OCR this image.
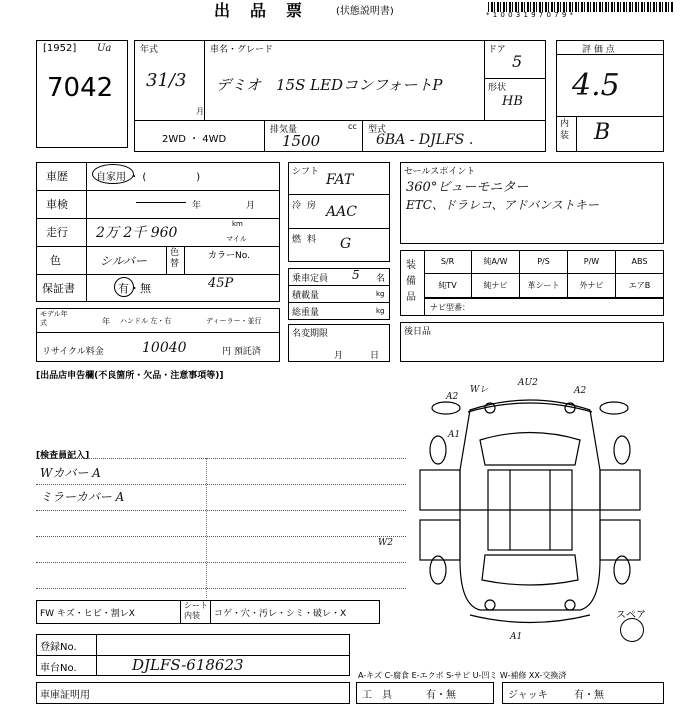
出　品　票	(状態説明書)	* 1 0 0 3 1 9 7 0 7 9 *
[1952] Ua
7042
年式
31/3
月
車名・グレード
デミオ　15S LEDコンフォートP
ドア
5
形状
HB
2WD ・ 4WD
排気量	cc
1500
型式
6BA - DJLFS .
評 価 点
4.5
内装 B
車歴	自家用 ・ (　　　　　)
車検	年	月
走行 2万 2千 960
km
マイル
色	シルバー
色替
カラーNo.
45P
保証書	有・無
モデル年式	年 ハンドル 左・右	ディーラー・並行
リサイクル料金	10040	円 預託済
シフト FAT
冷房 AAC
燃料 G
乗車定員 5 名
積載量	kg
総重量	kg
名変期限
月	日
セールスポイント
360°ビューモニター
ETC、ドラレコ、アドバンストキー
装備品
S/R	純A/W	P/S	P/W	ABS
純TV	純ナビ	革シート	外ナビ	エアB
ナビ型番：
後日品
[出品店申告欄(不良箇所・欠品・注意事項等)]
[検査員記入]
Wカバー A
ミラーカバー A
A2
Wレ
AU2
A2
A1
W2
A1
スペア
FW キズ・ヒビ・割レX
シート内装	コゲ・穴・汚レ・シミ・破レ・X
登録No.
車台No.	DJLFS-618623
車庫証明用
A-キズ C-腐食 E-エクボ S-サビ U-凹ミ W-補修 XX-交換済
工　具	有・無	ジャッキ	有・無
